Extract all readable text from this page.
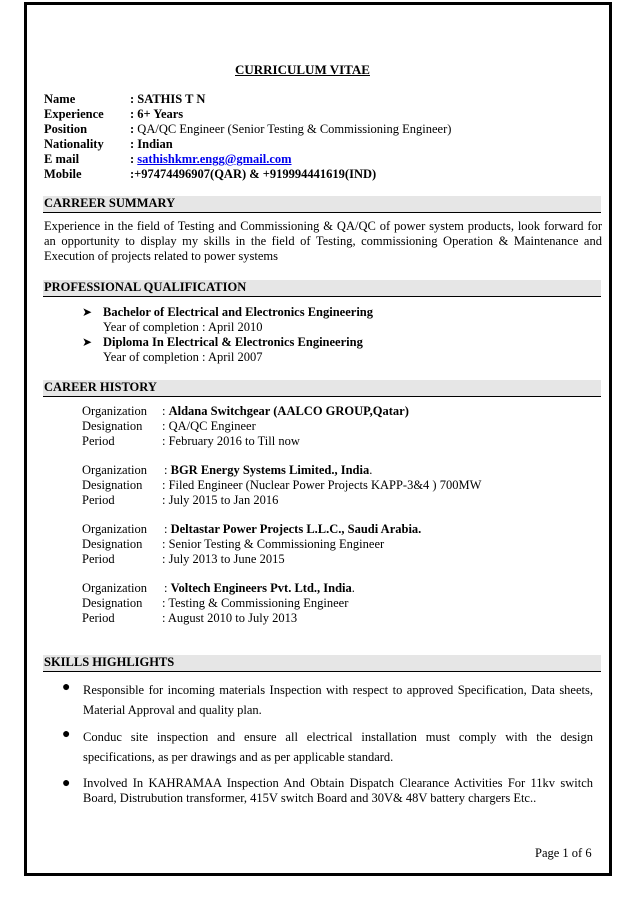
CURRICULUM VITAE
Name	: SATHIS T N
Experience : 6+ Years
Position	: QA/QC Engineer (Senior Testing & Commissioning Engineer)
Nationality : Indian
E mail	: sathishkmr.engg@gmail.com
Mobile	:+97474496907(QAR) & +919994441619(IND)
CARREER SUMMARY
Experience in the field of Testing and Commissioning & QA/QC of power system products, look forward for an opportunity to display my skills in the field of Testing, commissioning Operation & Maintenance and Execution of projects related to power systems
PROFESSIONAL QUALIFICATION
➤ Bachelor of Electrical and Electronics Engineering
Year of completion : April 2010
➤ Diploma In Electrical & Electronics Engineering
Year of completion : April 2007
CAREER HISTORY
Organization : Aldana Switchgear (AALCO GROUP,Qatar)
Designation : QA/QC Engineer
Period	: February 2016 to Till now
Organization : BGR Energy Systems Limited., India.
Designation : Filed Engineer (Nuclear Power Projects KAPP-3&4 ) 700MW
Period	: July 2015 to Jan 2016
Organization : Deltastar Power Projects L.L.C., Saudi Arabia.
Designation : Senior Testing & Commissioning Engineer
Period	: July 2013 to June 2015
Organization : Voltech Engineers Pvt. Ltd., India.
Designation : Testing & Commissioning Engineer
Period	: August 2010 to July 2013
SKILLS HIGHLIGHTS
● Responsible for incoming materials Inspection with respect to approved Specification, Data sheets, Material Approval and quality plan.
● Conduc site inspection and ensure all electrical installation must comply with the design specifications, as per drawings and as per applicable standard.
● Involved In KAHRAMAA Inspection And Obtain Dispatch Clearance Activities For 11kv switch Board, Distrubution transformer, 415V switch Board and 30V& 48V battery chargers Etc..
Page 1 of 6
